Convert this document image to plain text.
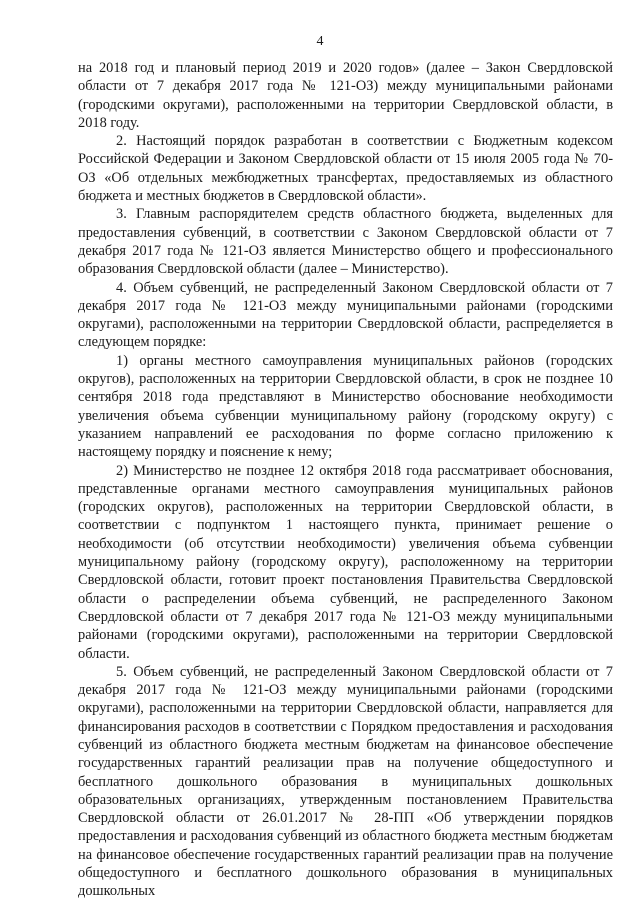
4

на 2018 год и плановый период 2019 и 2020 годов» (далее – Закон Свердловской области от 7 декабря 2017 года № 121-ОЗ) между муниципальными районами (городскими округами), расположенными на территории Свердловской области, в 2018 году.

2. Настоящий порядок разработан в соответствии с Бюджетным кодексом Российской Федерации и Законом Свердловской области от 15 июля 2005 года № 70-ОЗ «Об отдельных межбюджетных трансфертах, предоставляемых из областного бюджета и местных бюджетов в Свердловской области».

3. Главным распорядителем средств областного бюджета, выделенных для предоставления субвенций, в соответствии с Законом Свердловской области от 7 декабря 2017 года № 121-ОЗ является Министерство общего и профессионального образования Свердловской области (далее – Министерство).

4. Объем субвенций, не распределенный Законом Свердловской области от 7 декабря 2017 года № 121-ОЗ между муниципальными районами (городскими округами), расположенными на территории Свердловской области, распределяется в следующем порядке:

1) органы местного самоуправления муниципальных районов (городских округов), расположенных на территории Свердловской области, в срок не позднее 10 сентября 2018 года представляют в Министерство обоснование необходимости увеличения объема субвенции муниципальному району (городскому округу) с указанием направлений ее расходования по форме согласно приложению к настоящему порядку и пояснение к нему;

2) Министерство не позднее 12 октября 2018 года рассматривает обоснования, представленные органами местного самоуправления муниципальных районов (городских округов), расположенных на территории Свердловской области, в соответствии с подпунктом 1 настоящего пункта, принимает решение о необходимости (об отсутствии необходимости) увеличения объема субвенции муниципальному району (городскому округу), расположенному на территории Свердловской области, готовит проект постановления Правительства Свердловской области о распределении объема субвенций, не распределенного Законом Свердловской области от 7 декабря 2017 года № 121-ОЗ между муниципальными районами (городскими округами), расположенными на территории Свердловской области.

5. Объем субвенций, не распределенный Законом Свердловской области от 7 декабря 2017 года № 121-ОЗ между муниципальными районами (городскими округами), расположенными на территории Свердловской области, направляется для финансирования расходов в соответствии с Порядком предоставления и расходования субвенций из областного бюджета местным бюджетам на финансовое обеспечение государственных гарантий реализации прав на получение общедоступного и бесплатного дошкольного образования в муниципальных дошкольных образовательных организациях, утвержденным постановлением Правительства Свердловской области от 26.01.2017 № 28-ПП «Об утверждении порядков предоставления и расходования субвенций из областного бюджета местным бюджетам на финансовое обеспечение государственных гарантий реализации прав на получение общедоступного и бесплатного дошкольного образования в муниципальных дошкольных
